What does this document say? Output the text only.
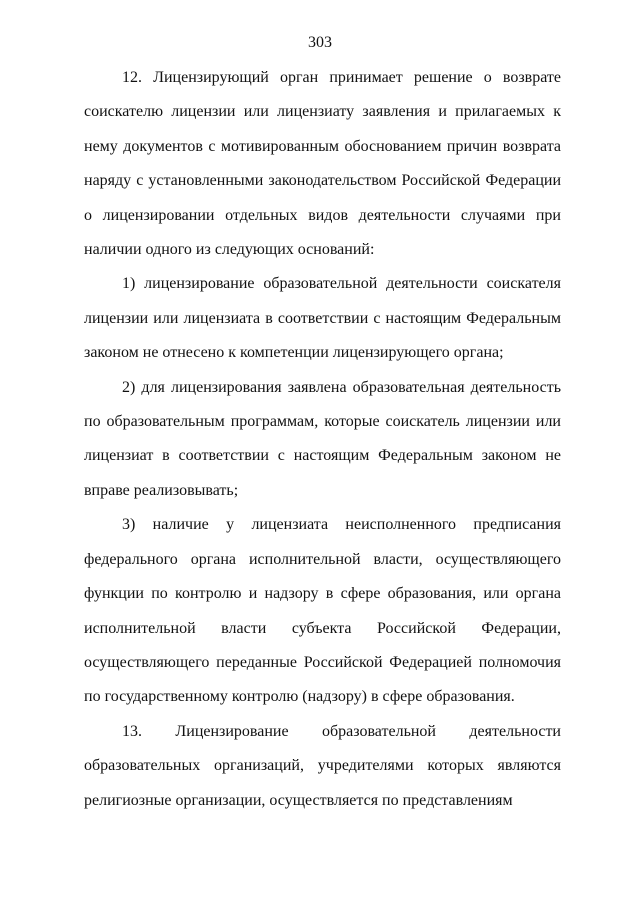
303

12. Лицензирующий орган принимает решение о возврате соискателю лицензии или лицензиату заявления и прилагаемых к нему документов с мотивированным обоснованием причин возврата наряду с установленными законодательством Российской Федерации о лицензировании отдельных видов деятельности случаями при наличии одного из следующих оснований:

1) лицензирование образовательной деятельности соискателя лицензии или лицензиата в соответствии с настоящим Федеральным законом не отнесено к компетенции лицензирующего органа;

2) для лицензирования заявлена образовательная деятельность по образовательным программам, которые соискатель лицензии или лицензиат в соответствии с настоящим Федеральным законом не вправе реализовывать;

3) наличие у лицензиата неисполненного предписания федерального органа исполнительной власти, осуществляющего функции по контролю и надзору в сфере образования, или органа исполнительной власти субъекта Российской Федерации, осуществляющего переданные Российской Федерацией полномочия по государственному контролю (надзору) в сфере образования.

13. Лицензирование образовательной деятельности образовательных организаций, учредителями которых являются религиозные организации, осуществляется по представлениям
